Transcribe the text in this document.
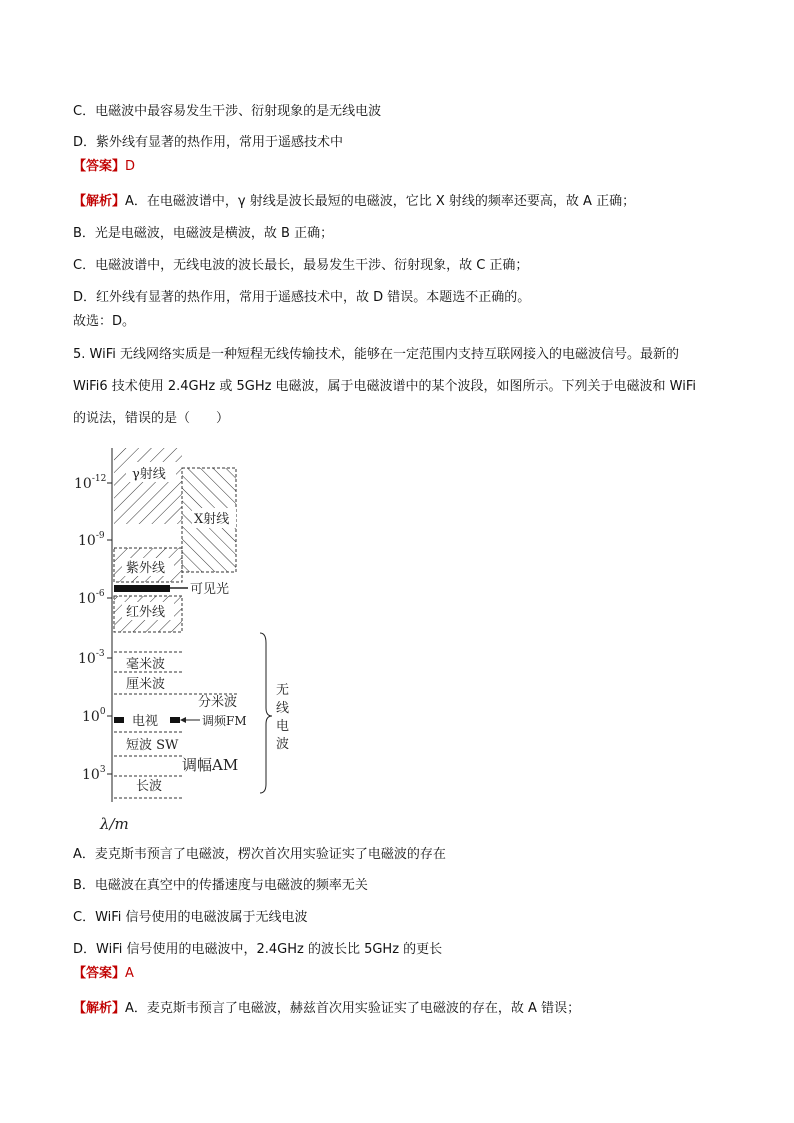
C．电磁波中最容易发生干涉、衍射现象的是无线电波
D．紫外线有显著的热作用，常用于遥感技术中
【答案】D
【解析】A．在电磁波谱中，γ 射线是波长最短的电磁波，它比 X 射线的频率还要高，故 A 正确；
B．光是电磁波，电磁波是横波，故 B 正确；
C．电磁波谱中，无线电波的波长最长，最易发生干涉、衍射现象，故 C 正确；
D．红外线有显著的热作用，常用于遥感技术中，故 D 错误。本题选不正确的。
故选：D。
5. WiFi 无线网络实质是一种短程无线传输技术，能够在一定范围内支持互联网接入的电磁波信号。最新的
WiFi6 技术使用 2.4GHz 或 5GHz 电磁波，属于电磁波谱中的某个波段，如图所示。下列关于电磁波和 WiFi
的说法，错误的是（　　）
$10^{-12}$
$10^{-9}$
$10^{-6}$
$10^{-3}$
$10^0$
$10^3$
γ射线
X射线
紫外线
可见光
红外线
毫米波
厘米波
分米波
电视	调频FM
短波 SW
调幅AM
长波
无
线
电
波
λ/m
A．麦克斯韦预言了电磁波，楞次首次用实验证实了电磁波的存在
B．电磁波在真空中的传播速度与电磁波的频率无关
C．WiFi 信号使用的电磁波属于无线电波
D．WiFi 信号使用的电磁波中，2.4GHz 的波长比 5GHz 的更长
【答案】A
【解析】A．麦克斯韦预言了电磁波，赫兹首次用实验证实了电磁波的存在，故 A 错误；
